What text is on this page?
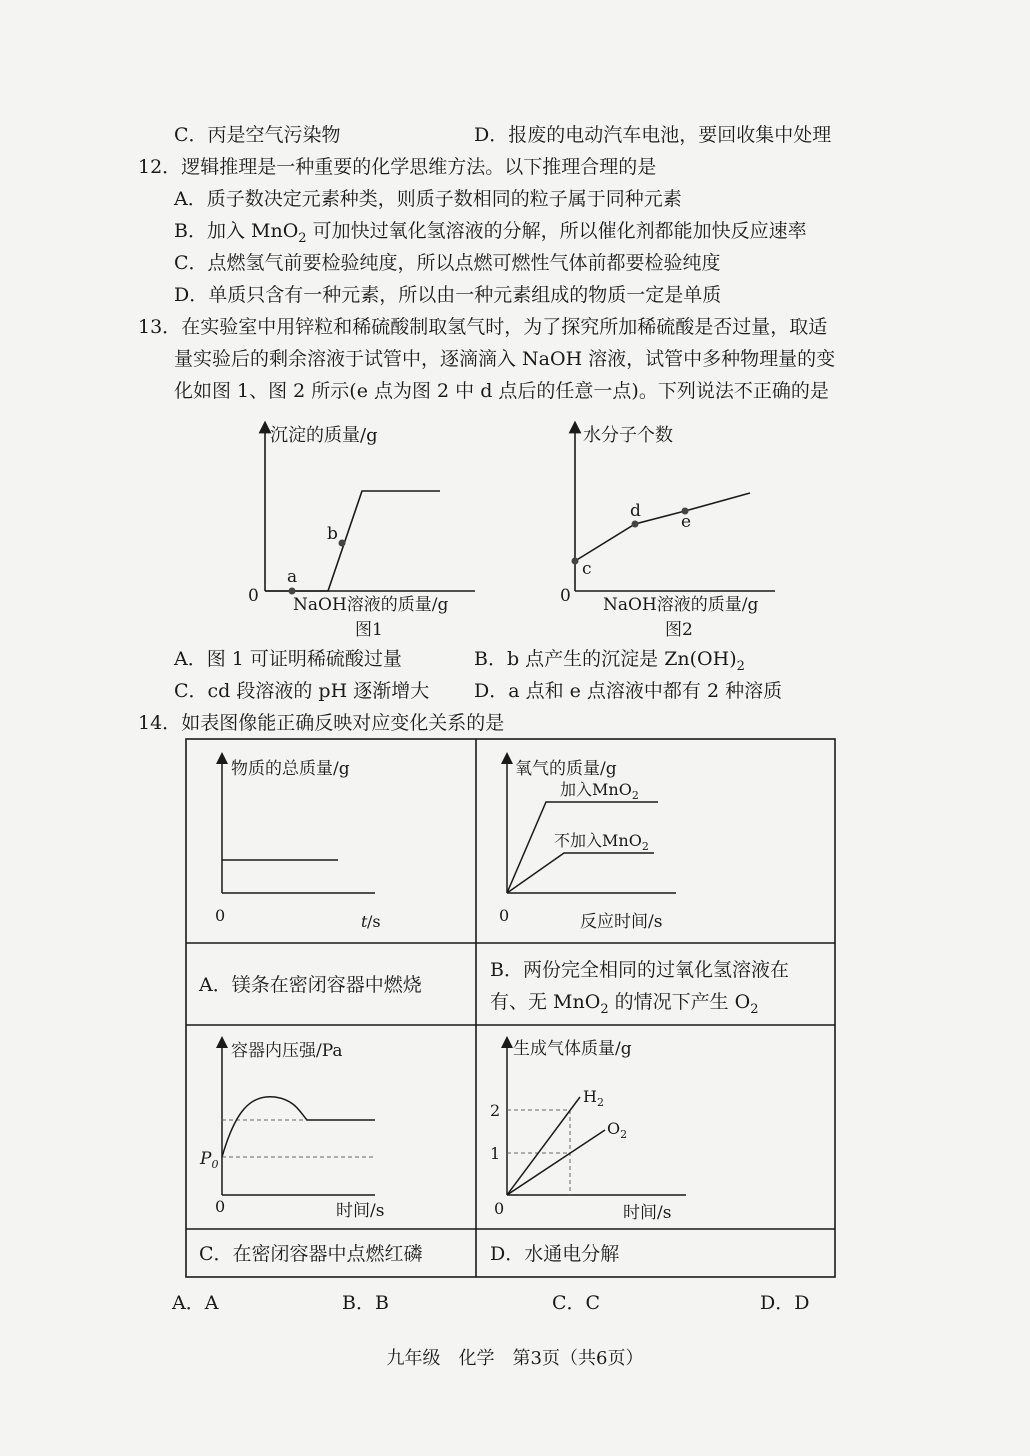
C．丙是空气污染物	D．报废的电动汽车电池，要回收集中处理
12．逻辑推理是一种重要的化学思维方法。以下推理合理的是
A．质子数决定元素种类，则质子数相同的粒子属于同种元素
B．加入 MnO$_2$ 可加快过氧化氢溶液的分解，所以催化剂都能加快反应速率
C．点燃氢气前要检验纯度，所以点燃可燃性气体前都要检验纯度
D．单质只含有一种元素，所以由一种元素组成的物质一定是单质
13．在实验室中用锌粒和稀硫酸制取氢气时，为了探究所加稀硫酸是否过量，取适
量实验后的剩余溶液于试管中，逐滴滴入 NaOH 溶液，试管中多种物理量的变
化如图 1、图 2 所示(e 点为图 2 中 d 点后的任意一点)。下列说法不正确的是
沉淀的质量/g
0
a
b
NaOH溶液的质量/g
图1
水分子个数
0
c
d
e
NaOH溶液的质量/g
图2
A．图 1 可证明稀硫酸过量	B．b 点产生的沉淀是 $Zn(OH)_2$
C．cd 段溶液的 pH 逐渐增大 D．a 点和 e 点溶液中都有 2 种溶质
14．如表图像能正确反映对应变化关系的是
物质的总质量/g
0	t /s
氧气的质量/g
加入MnO$_2$
不加入MnO$_2$
0	反应时间/s
A．镁条在密闭容器中燃烧
B．两份完全相同的过氧化氢溶液在
有、无 MnO$_2$ 的情况下产生 $O_2$
容器内压强/Pa
$P_0$
0	时间/s
生成气体质量/g
2
1
$H_2$
$O_2$
0	时间/s
C．在密闭容器中点燃红磷	D．水通电分解
A．A	B．B	C．C	D．D
九年级　化学　第3页（共6页）
